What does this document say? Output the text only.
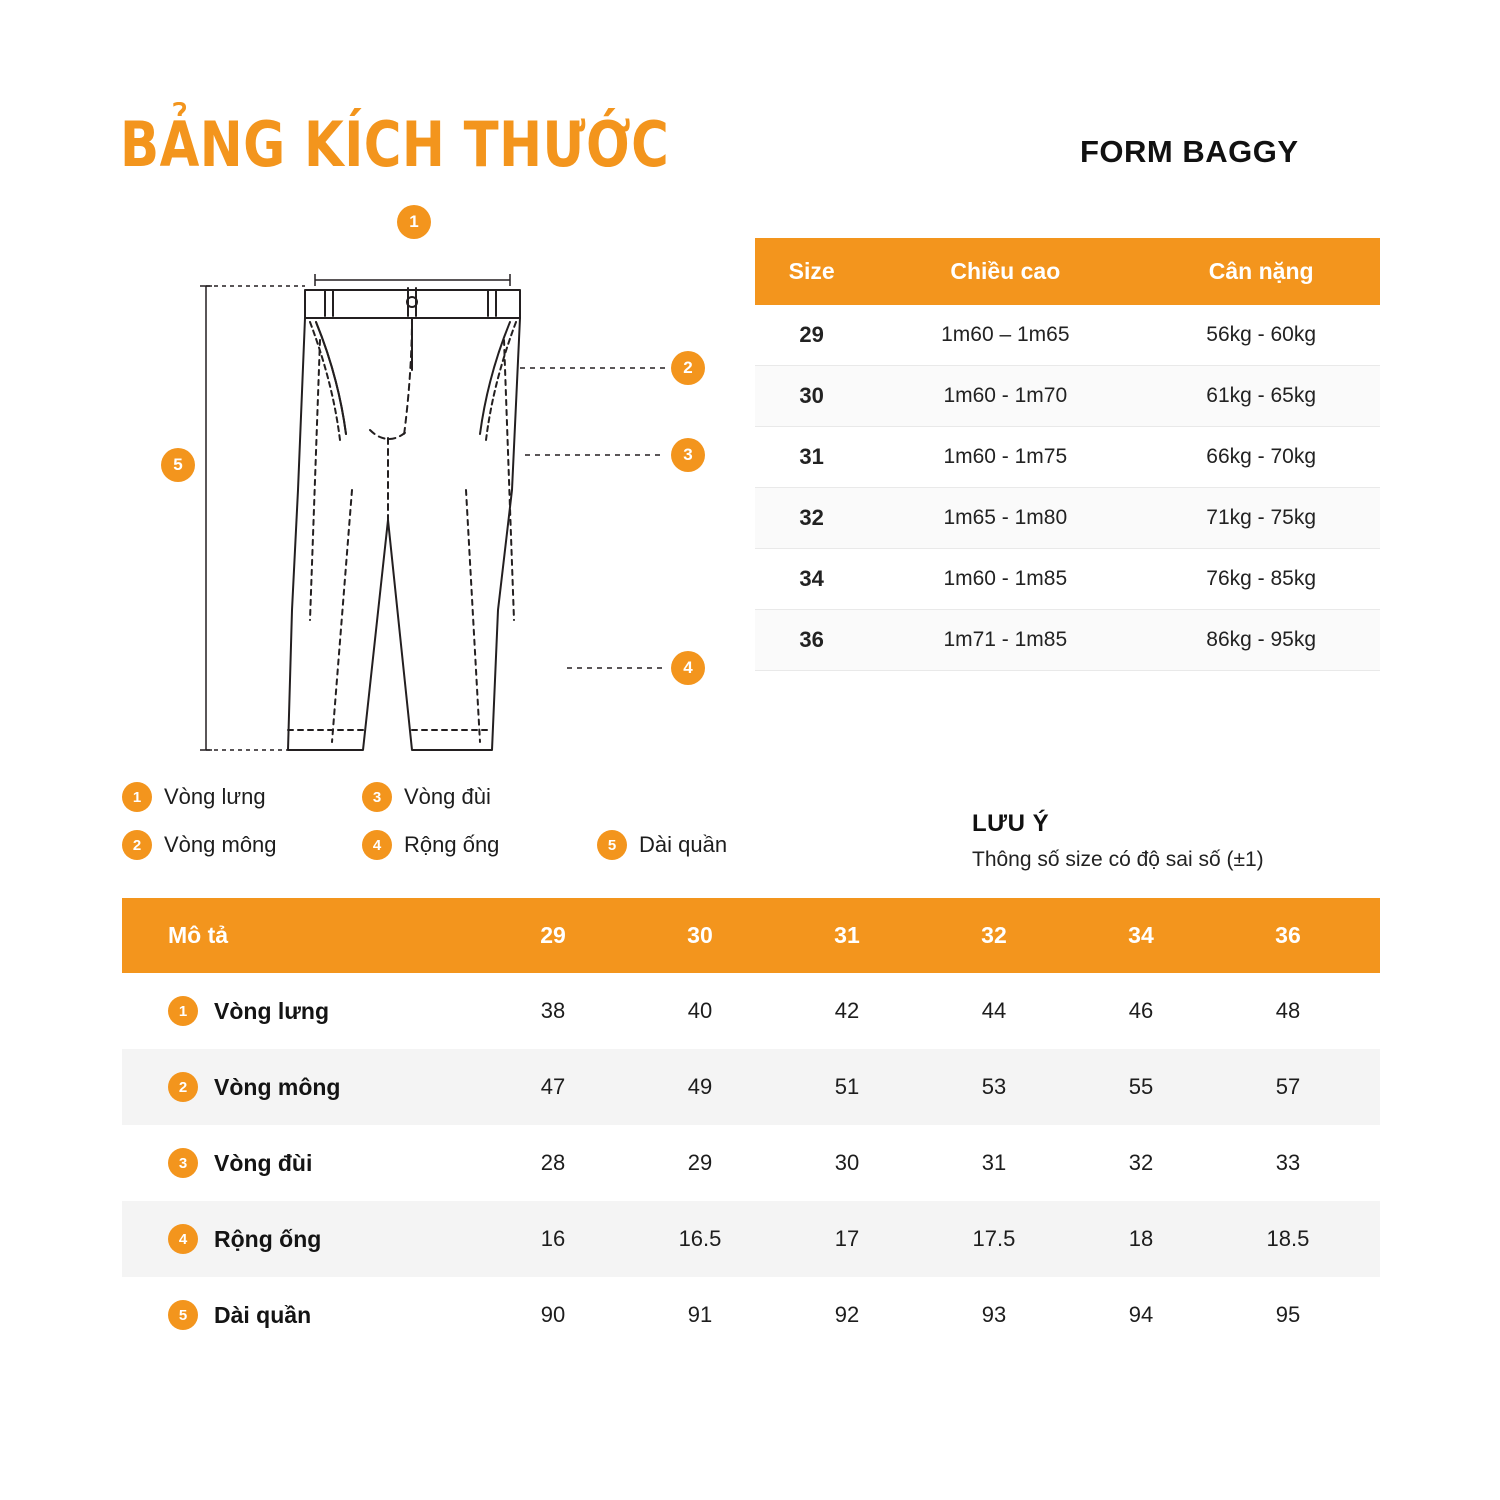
BẢNG KÍCH THƯỚC	FORM BAGGY
1
2
3
4
5
Size	Chiều cao	Cân nặng
29	1m60 – 1m65	56kg - 60kg
30	1m60 - 1m70	61kg - 65kg
31	1m60 - 1m75	66kg - 70kg
32	1m65 - 1m80	71kg - 75kg
34	1m60 - 1m85	76kg - 85kg
36	1m71 - 1m85	86kg - 95kg
1 Vòng lưng	3 Vòng đùi
2 Vòng mông	4 Rộng ống	5 Dài quần
LƯU Ý
Thông số size có độ sai số (±1)
Mô tả	29	30	31	32	34	36

1 Vòng lưng	38	40	42	44	46	48

2 Vòng mông	47	49	51	53	55	57

3 Vòng đùi	28	29	30	31	32	33

4 Rộng ống	16	16.5	17	17.5	18	18.5

5 Dài quần	90	91	92	93	94	95
